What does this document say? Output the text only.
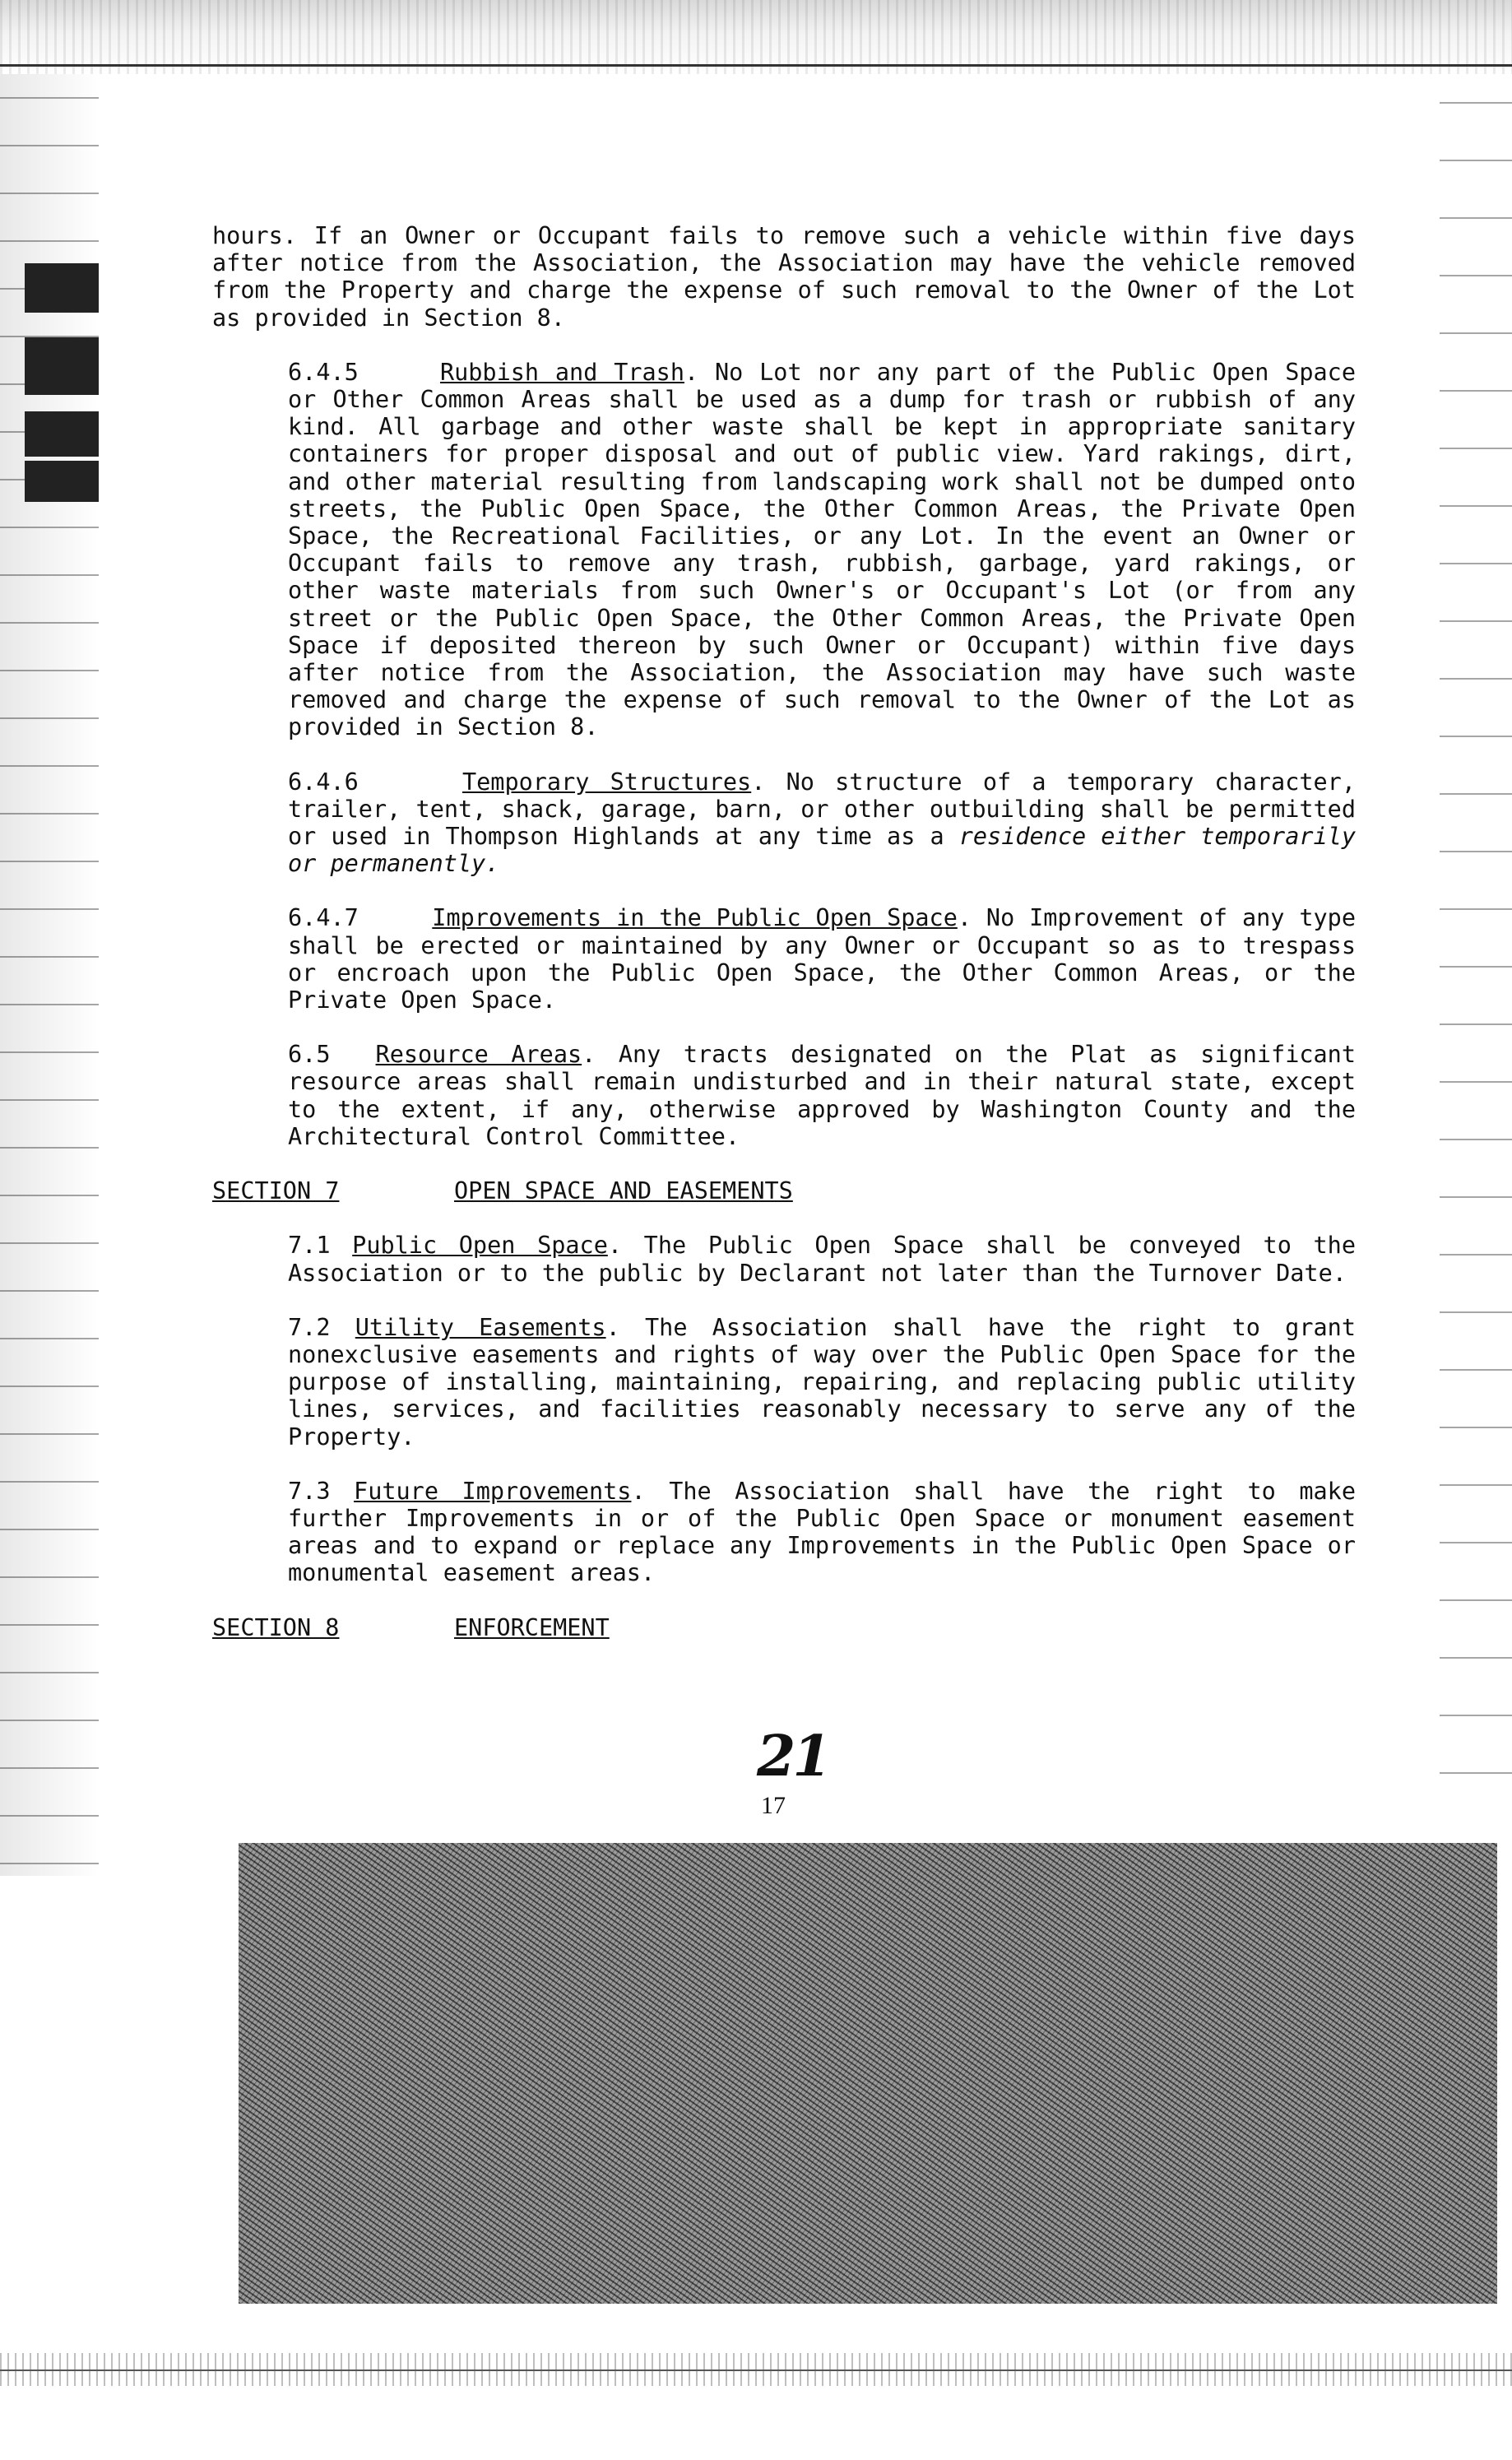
hours. If an Owner or Occupant fails to remove such a vehicle within five days after notice from the Association, the Association may have the vehicle removed from the Property and charge the expense of such removal to the Owner of the Lot as provided in Section 8.

6.4.5	Rubbish and Trash. No Lot nor any part of the Public Open Space or Other Common Areas shall be used as a dump for trash or rubbish of any kind. All garbage and other waste shall be kept in appropriate sanitary containers for proper disposal and out of public view. Yard rakings, dirt, and other material resulting from landscaping work shall not be dumped onto streets, the Public Open Space, the Other Common Areas, the Private Open Space, the Recreational Facilities, or any Lot. In the event an Owner or Occupant fails to remove any trash, rubbish, garbage, yard rakings, or other waste materials from such Owner's or Occupant's Lot (or from any street or the Public Open Space, the Other Common Areas, the Private Open Space if deposited thereon by such Owner or Occupant) within five days after notice from the Association, the Association may have such waste removed and charge the expense of such removal to the Owner of the Lot as provided in Section 8.

6.4.6	Temporary Structures. No structure of a temporary character, trailer, tent, shack, garage, barn, or other outbuilding shall be permitted or used in Thompson Highlands at any time as a residence either temporarily or permanently.

6.4.7	Improvements in the Public Open Space. No Improvement of any type shall be erected or maintained by any Owner or Occupant so as to trespass or encroach upon the Public Open Space, the Other Common Areas, or the Private Open Space.

6.5 Resource Areas. Any tracts designated on the Plat as significant resource areas shall remain undisturbed and in their natural state, except to the extent, if any, otherwise approved by Washington County and the Architectural Control Committee.

SECTION 7	OPEN SPACE AND EASEMENTS

7.1 Public Open Space. The Public Open Space shall be conveyed to the Association or to the public by Declarant not later than the Turnover Date.

7.2 Utility Easements. The Association shall have the right to grant nonexclusive easements and rights of way over the Public Open Space for the purpose of installing, maintaining, repairing, and replacing public utility lines, services, and facilities reasonably necessary to serve any of the Property.

7.3 Future Improvements. The Association shall have the right to make further Improvements in or of the Public Open Space or monument easement areas and to expand or replace any Improvements in the Public Open Space or monumental easement areas.

SECTION 8	ENFORCEMENT
21
17
